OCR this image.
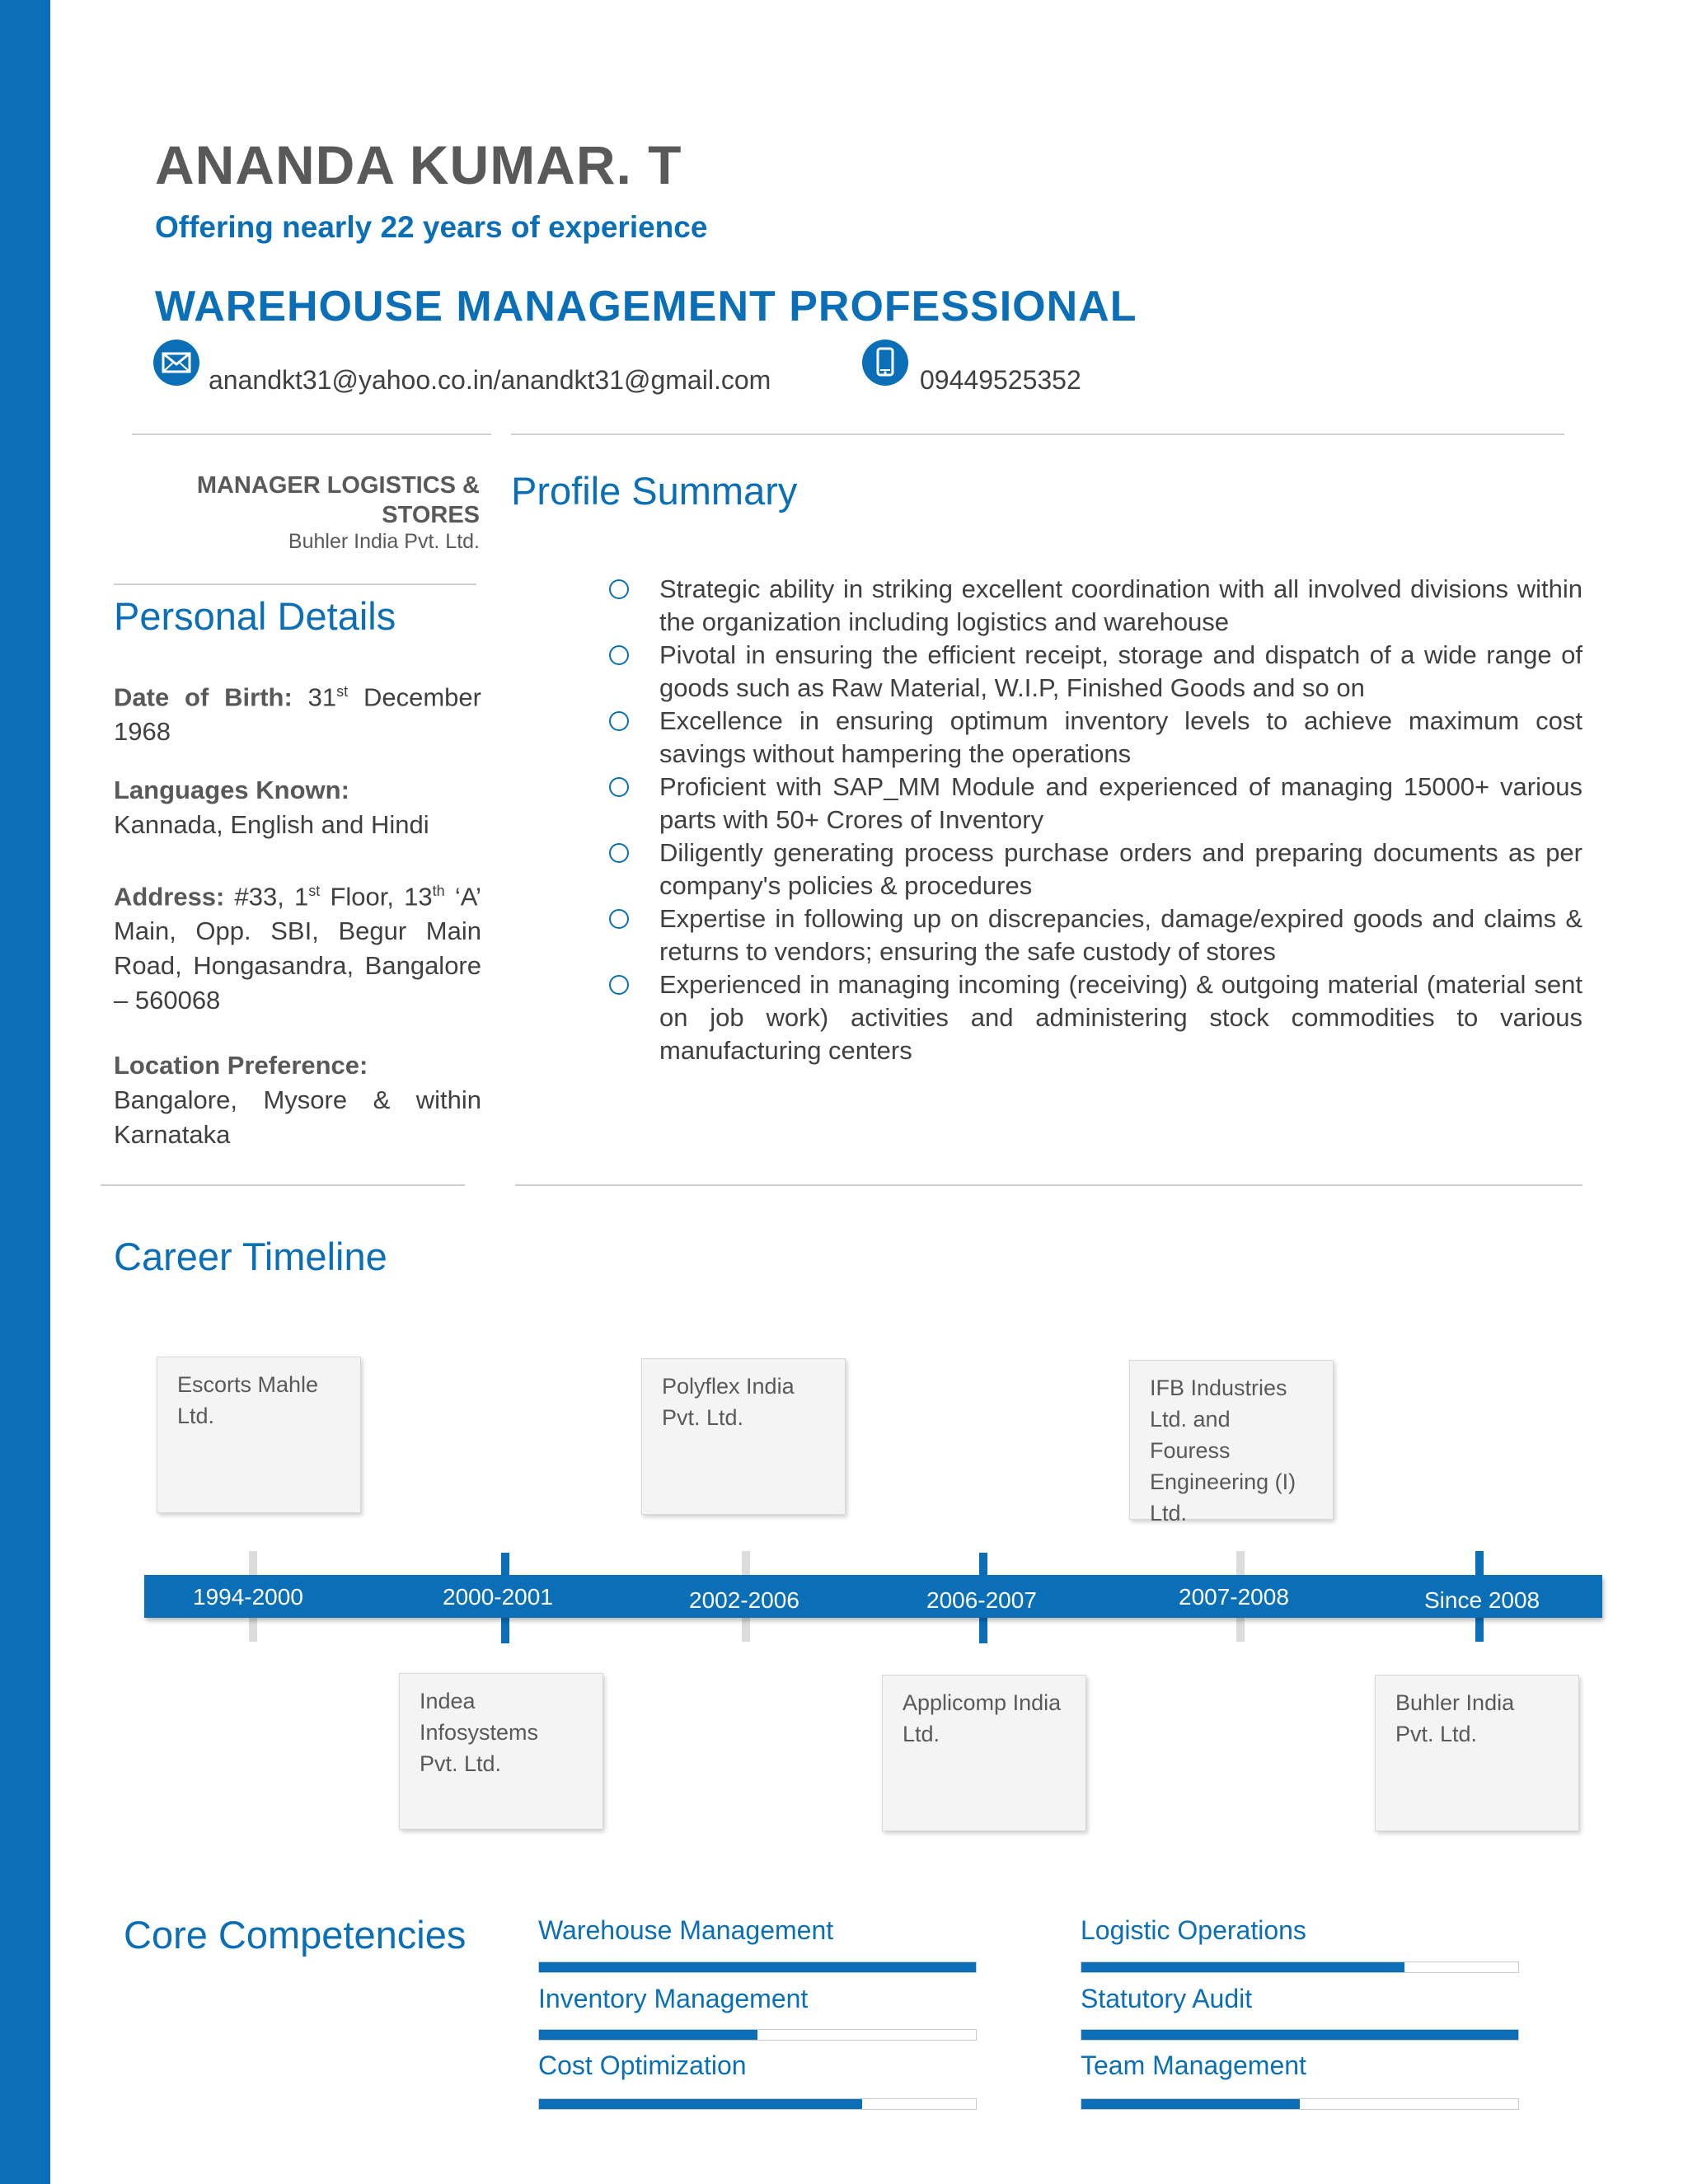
ANANDA KUMAR. T
Offering nearly 22 years of experience
WAREHOUSE MANAGEMENT PROFESSIONAL
anandkt31@yahoo.co.in/anandkt31@gmail.com	09449525352
MANAGER LOGISTICS & STORES
Buhler India Pvt. Ltd.
Personal Details
Date of Birth: 31st December 1968
Languages Known:
Kannada, English and Hindi
Address: #33, 1st Floor, 13th ‘A’ Main, Opp. SBI, Begur Main Road, Hongasandra, Bangalore – 560068
Location Preference:
Bangalore, Mysore & within Karnataka
Profile Summary
Strategic ability in striking excellent coordination with all involved divisions within the organization including logistics and warehouse
Pivotal in ensuring the efficient receipt, storage and dispatch of a wide range of goods such as Raw Material, W.I.P, Finished Goods and so on
Excellence in ensuring optimum inventory levels to achieve maximum cost savings without hampering the operations
Proficient with SAP_MM Module and experienced of managing 15000+ various parts with 50+ Crores of Inventory
Diligently generating process purchase orders and preparing documents as per company's policies & procedures
Expertise in following up on discrepancies, damage/expired goods and claims & returns to vendors; ensuring the safe custody of stores
Experienced in managing incoming (receiving) & outgoing material (material sent on job work) activities and administering stock commodities to various manufacturing centers
Career Timeline
Escorts Mahle Ltd.
Polyflex India Pvt. Ltd.
IFB Industries Ltd. and Fouress Engineering (I) Ltd.
1994-2000	2000-2001	2002-2006	2006-2007	2007-2008	Since 2008
Indea Infosystems Pvt. Ltd.
Applicomp India Ltd.
Buhler India Pvt. Ltd.
Core Competencies	Warehouse Management	Logistic Operations
Inventory Management	Statutory Audit
Cost Optimization	Team Management
